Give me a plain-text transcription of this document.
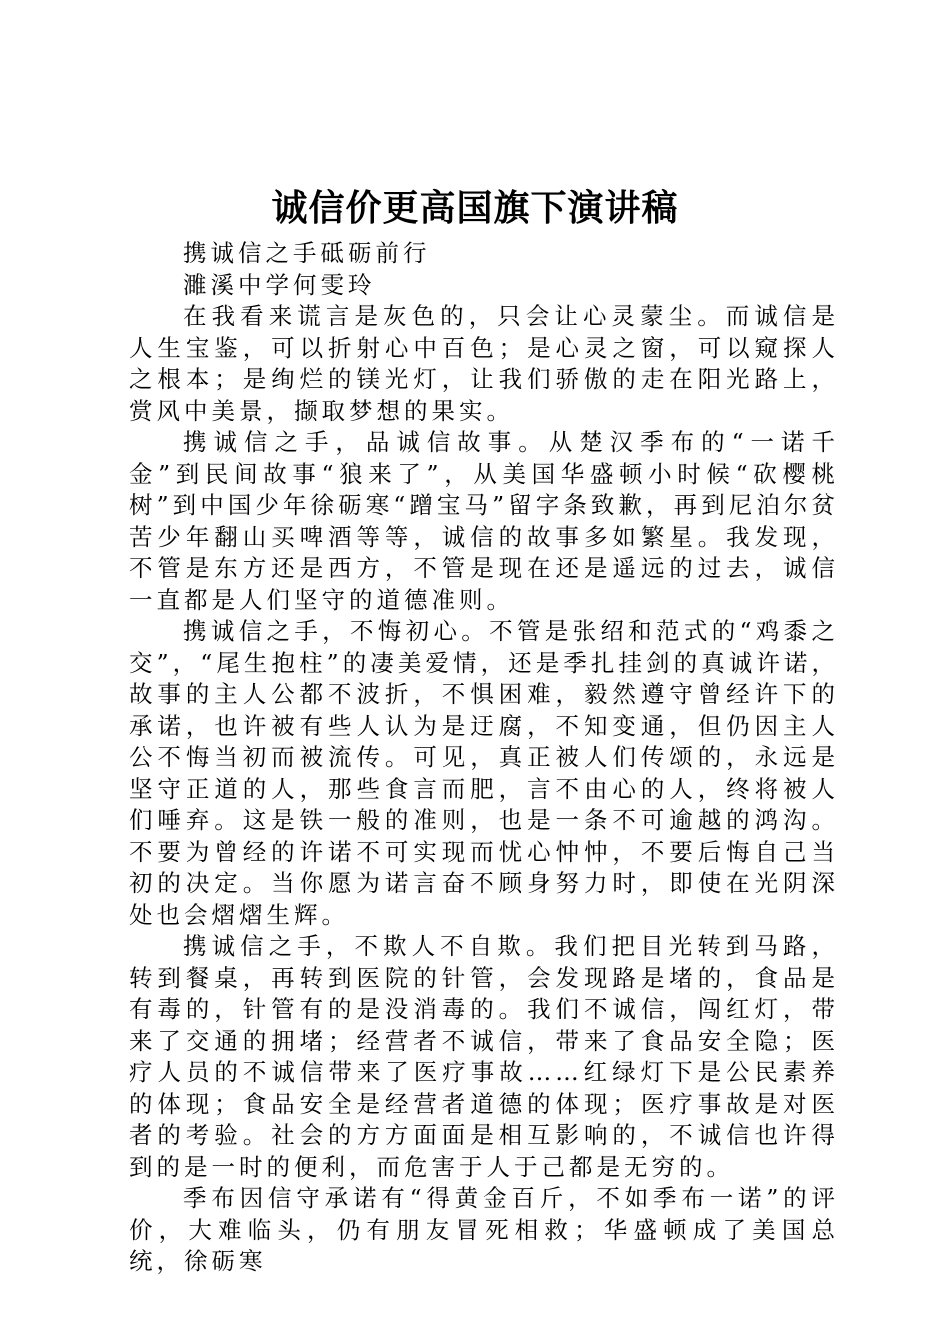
诚信价更高国旗下演讲稿

携诚信之手砥砺前行

濉溪中学何雯玲

在我看来谎言是灰色的，只会让心灵蒙尘。而诚信是人生宝鉴，可以折射心中百色；是心灵之窗，可以窥探人之根本；是绚烂的镁光灯，让我们骄傲的走在阳光路上，赏风中美景，撷取梦想的果实。

携诚信之手，品诚信故事。从楚汉季布的“一诺千金”到民间故事“狼来了”，从美国华盛顿小时候“砍樱桃树”到中国少年徐砺寒“蹭宝马”留字条致歉，再到尼泊尔贫苦少年翻山买啤酒等等，诚信的故事多如繁星。我发现，不管是东方还是西方，不管是现在还是遥远的过去，诚信一直都是人们坚守的道德准则。

携诚信之手，不悔初心。不管是张绍和范式的“鸡黍之交”，“尾生抱柱”的凄美爱情，还是季扎挂剑的真诚许诺，故事的主人公都不波折，不惧困难，毅然遵守曾经许下的承诺，也许被有些人认为是迂腐，不知变通，但仍因主人公不悔当初而被流传。可见，真正被人们传颂的，永远是坚守正道的人，那些食言而肥，言不由心的人，终将被人们唾弃。这是铁一般的准则，也是一条不可逾越的鸿沟。不要为曾经的许诺不可实现而忧心忡忡，不要后悔自己当初的决定。当你愿为诺言奋不顾身努力时，即使在光阴深处也会熠熠生辉。

携诚信之手，不欺人不自欺。我们把目光转到马路，转到餐桌，再转到医院的针管，会发现路是堵的，食品是有毒的，针管有的是没消毒的。我们不诚信，闯红灯，带来了交通的拥堵；经营者不诚信，带来了食品安全隐；医疗人员的不诚信带来了医疗事故……红绿灯下是公民素养的体现；食品安全是经营者道德的体现；医疗事故是对医者的考验。社会的方方面面是相互影响的，不诚信也许得到的是一时的便利，而危害于人于己都是无穷的。

季布因信守承诺有“得黄金百斤，不如季布一诺”的评价，大难临头，仍有朋友冒死相救；华盛顿成了美国总统，徐砺寒
